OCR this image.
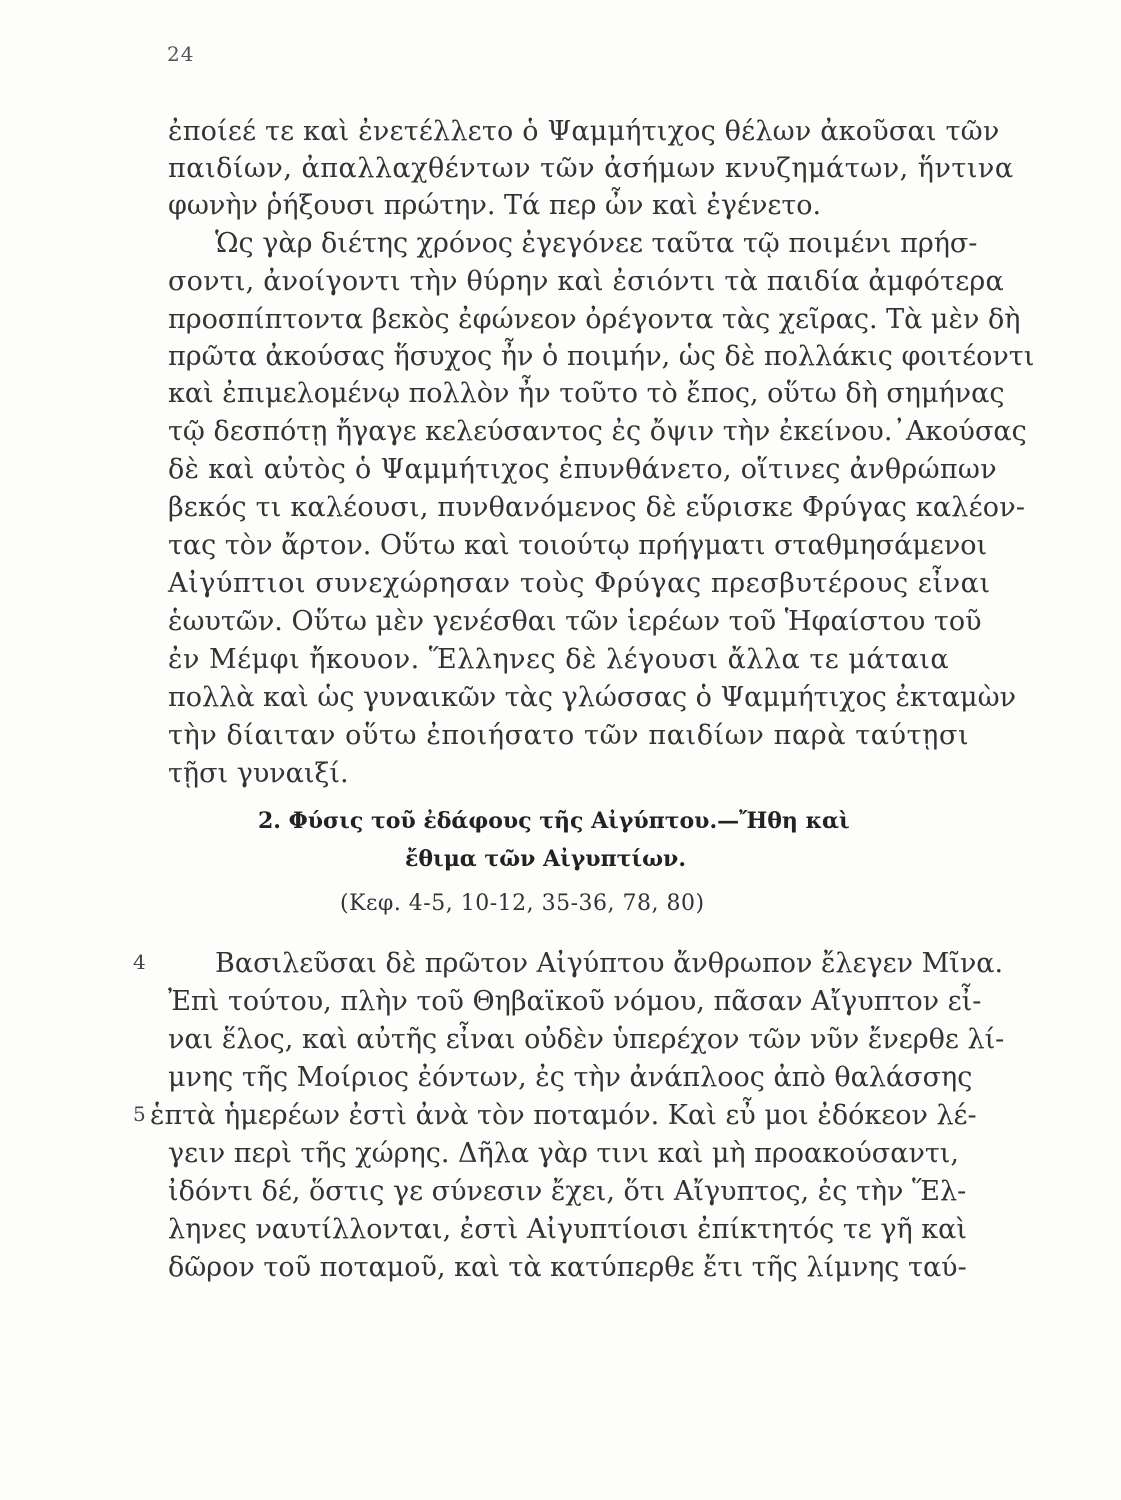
24
ἐποίεέ τε καὶ ἐνετέλλετο ὁ Ψαμμήτιχος θέλων ἀκοῦσαι τῶν
παιδίων, ἀπαλλαχθέντων τῶν ἀσήμων κνυζημάτων, ἥντινα
φωνὴν ῥήξουσι πρώτην. Τά περ ὦν καὶ ἐγένετο.
Ὡς γὰρ διέτης χρόνος ἐγεγόνεε ταῦτα τῷ ποιμένι πρήσ-
σοντι, ἀνοίγοντι τὴν θύρην καὶ ἐσιόντι τὰ παιδία ἀμφότερα
προσπίπτοντα βεκὸς ἐφώνεον ὀρέγοντα τὰς χεῖρας. Τὰ μὲν δὴ
πρῶτα ἀκούσας ἥσυχος ἦν ὁ ποιμήν, ὡς δὲ πολλάκις φοιτέοντι
καὶ ἐπιμελομένῳ πολλὸν ἦν τοῦτο τὸ ἔπος, οὕτω δὴ σημήνας
τῷ δεσπότῃ ἤγαγε κελεύσαντος ἐς ὄψιν τὴν ἐκείνου.᾿Ακούσας
δὲ καὶ αὐτὸς ὁ Ψαμμήτιχος ἐπυνθάνετο, οἵτινες ἀνθρώπων
βεκός τι καλέουσι, πυνθανόμενος δὲ εὕρισκε Φρύγας καλέον-
τας τὸν ἄρτον. Οὕτω καὶ τοιούτῳ πρήγματι σταθμησάμενοι
Αἰγύπτιοι συνεχώρησαν τοὺς Φρύγας πρεσβυτέρους εἶναι
ἑωυτῶν. Οὕτω μὲν γενέσθαι τῶν ἱερέων τοῦ Ἡφαίστου τοῦ
ἐν Μέμφι ἤκουον. Ἕλληνες δὲ λέγουσι ἄλλα τε μάταια
πολλὰ καὶ ὡς γυναικῶν τὰς γλώσσας ὁ Ψαμμήτιχος ἐκταμὼν
τὴν δίαιταν οὕτω ἐποιήσατο τῶν παιδίων παρὰ ταύτῃσι
τῇσι γυναιξί.
2. Φύσις τοῦ ἐδάφους τῆς Αἰγύπτου.—Ἤθη καὶ
ἔθιμα τῶν Αἰγυπτίων.
(Κεφ. 4-5, 10-12, 35-36, 78, 80)
4	Βασιλεῦσαι δὲ πρῶτον Αἰγύπτου ἄνθρωπον ἔλεγεν Μῖνα.
Ἐπὶ τούτου, πλὴν τοῦ Θηβαϊκοῦ νόμου, πᾶσαν Αἴγυπτον εἶ-
ναι ἕλος, καὶ αὐτῆς εἶναι οὐδὲν ὑπερέχον τῶν νῦν ἔνερθε λί-
μνης τῆς Μοίριος ἐόντων, ἐς τὴν ἀνάπλοος ἀπὸ θαλάσσης
5 ἑπτὰ ἡμερέων ἐστὶ ἀνὰ τὸν ποταμόν. Καὶ εὖ μοι ἐδόκεον λέ-
γειν περὶ τῆς χώρης. Δῆλα γὰρ τινι καὶ μὴ προακούσαντι,
ἰδόντι δέ, ὅστις γε σύνεσιν ἔχει, ὅτι Αἴγυπτος, ἐς τὴν Ἕλ-
ληνες ναυτίλλονται, ἐστὶ Αἰγυπτίοισι ἐπίκτητός τε γῆ καὶ
δῶρον τοῦ ποταμοῦ, καὶ τὰ κατύπερθε ἔτι τῆς λίμνης ταύ-
